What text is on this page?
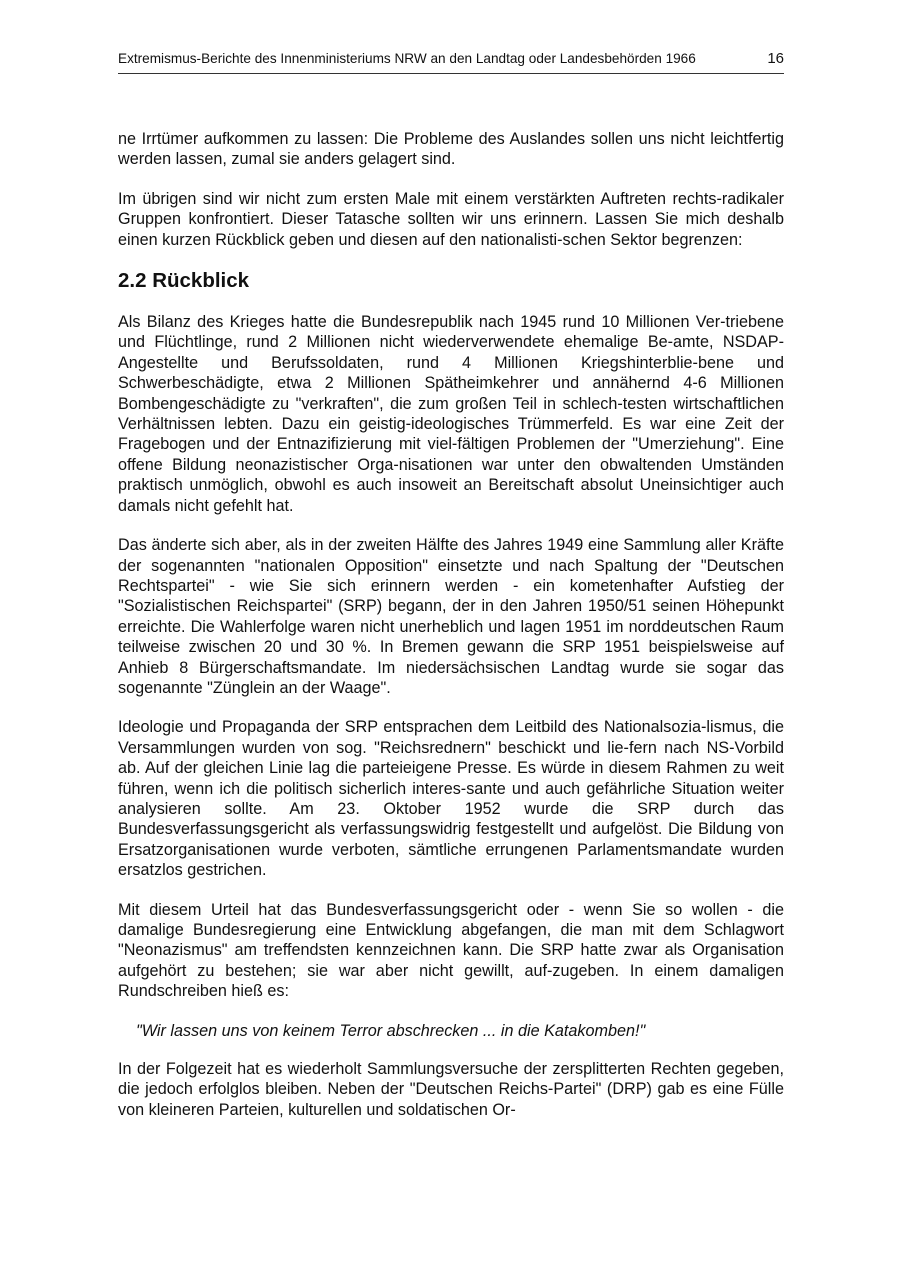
Extremismus-Berichte des Innenministeriums NRW an den Landtag oder Landesbehörden 1966	16

ne Irrtümer aufkommen zu lassen: Die Probleme des Auslandes sollen uns nicht leichtfertig werden lassen, zumal sie anders gelagert sind.

Im übrigen sind wir nicht zum ersten Male mit einem verstärkten Auftreten rechts-radikaler Gruppen konfrontiert. Dieser Tatasche sollten wir uns erinnern. Lassen Sie mich deshalb einen kurzen Rückblick geben und diesen auf den nationalisti-schen Sektor begrenzen:

2.2 Rückblick

Als Bilanz des Krieges hatte die Bundesrepublik nach 1945 rund 10 Millionen Ver-triebene und Flüchtlinge, rund 2 Millionen nicht wiederverwendete ehemalige Be-amte, NSDAP-Angestellte und Berufssoldaten, rund 4 Millionen Kriegshinterblie-bene und Schwerbeschädigte, etwa 2 Millionen Spätheimkehrer und annähernd 4-6 Millionen Bombengeschädigte zu "verkraften", die zum großen Teil in schlech-testen wirtschaftlichen Verhältnissen lebten. Dazu ein geistig-ideologisches Trümmerfeld. Es war eine Zeit der Fragebogen und der Entnazifizierung mit viel-fältigen Problemen der "Umerziehung". Eine offene Bildung neonazistischer Orga-nisationen war unter den obwaltenden Umständen praktisch unmöglich, obwohl es auch insoweit an Bereitschaft absolut Uneinsichtiger auch damals nicht gefehlt hat.

Das änderte sich aber, als in der zweiten Hälfte des Jahres 1949 eine Sammlung aller Kräfte der sogenannten "nationalen Opposition" einsetzte und nach Spaltung der "Deutschen Rechtspartei" - wie Sie sich erinnern werden - ein kometenhafter Aufstieg der "Sozialistischen Reichspartei" (SRP) begann, der in den Jahren 1950/51 seinen Höhepunkt erreichte. Die Wahlerfolge waren nicht unerheblich und lagen 1951 im norddeutschen Raum teilweise zwischen 20 und 30 %. In Bremen gewann die SRP 1951 beispielsweise auf Anhieb 8 Bürgerschaftsmandate. Im niedersächsischen Landtag wurde sie sogar das sogenannte "Zünglein an der Waage".

Ideologie und Propaganda der SRP entsprachen dem Leitbild des Nationalsozia-lismus, die Versammlungen wurden von sog. "Reichsrednern" beschickt und lie-fern nach NS-Vorbild ab. Auf der gleichen Linie lag die parteieigene Presse. Es würde in diesem Rahmen zu weit führen, wenn ich die politisch sicherlich interes-sante und auch gefährliche Situation weiter analysieren sollte. Am 23. Oktober 1952 wurde die SRP durch das Bundesverfassungsgericht als verfassungswidrig festgestellt und aufgelöst. Die Bildung von Ersatzorganisationen wurde verboten, sämtliche errungenen Parlamentsmandate wurden ersatzlos gestrichen.

Mit diesem Urteil hat das Bundesverfassungsgericht oder - wenn Sie so wollen - die damalige Bundesregierung eine Entwicklung abgefangen, die man mit dem Schlagwort "Neonazismus" am treffendsten kennzeichnen kann. Die SRP hatte zwar als Organisation aufgehört zu bestehen; sie war aber nicht gewillt, auf-zugeben. In einem damaligen Rundschreiben hieß es:

"Wir lassen uns von keinem Terror abschrecken ... in die Katakomben!"

In der Folgezeit hat es wiederholt Sammlungsversuche der zersplitterten Rechten gegeben, die jedoch erfolglos bleiben. Neben der "Deutschen Reichs-Partei" (DRP) gab es eine Fülle von kleineren Parteien, kulturellen und soldatischen Or-
